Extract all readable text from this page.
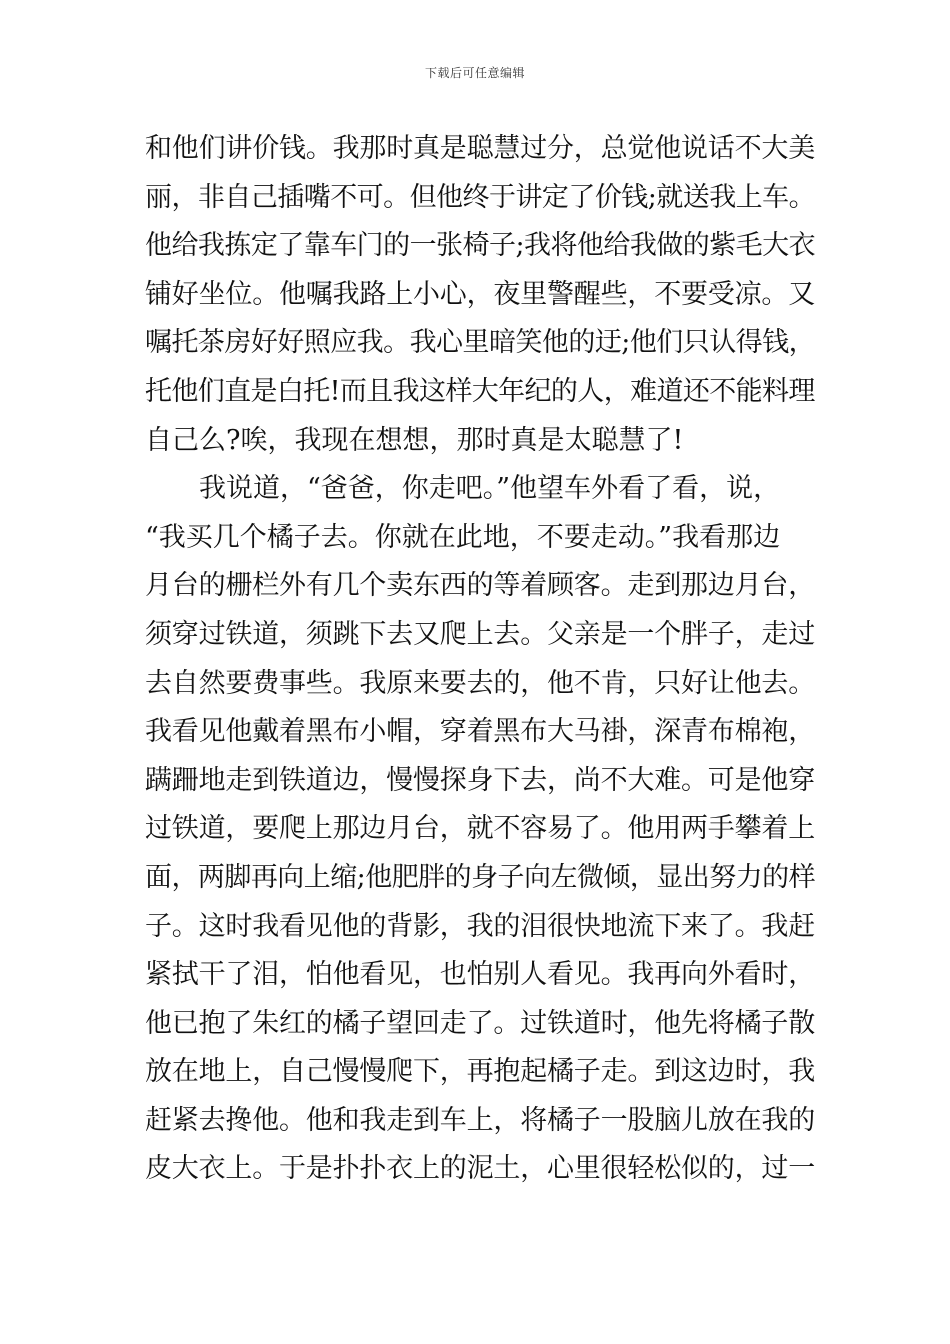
下载后可任意编辑
和他们讲价钱。我那时真是聪慧过分，总觉他说话不大美
丽，非自己插嘴不可。但他终于讲定了价钱;就送我上车。
他给我拣定了靠车门的一张椅子;我将他给我做的紫毛大衣
铺好坐位。他嘱我路上小心，夜里警醒些，不要受凉。又
嘱托茶房好好照应我。我心里暗笑他的迂;他们只认得钱，
托他们直是白托!而且我这样大年纪的人，难道还不能料理
自己么?唉，我现在想想，那时真是太聪慧了!
　　我说道，“爸爸，你走吧。”他望车外看了看，说，
“我买几个橘子去。你就在此地，不要走动。”我看那边
月台的栅栏外有几个卖东西的等着顾客。走到那边月台，
须穿过铁道，须跳下去又爬上去。父亲是一个胖子，走过
去自然要费事些。我原来要去的，他不肯，只好让他去。
我看见他戴着黑布小帽，穿着黑布大马褂，深青布棉袍，
蹒跚地走到铁道边，慢慢探身下去，尚不大难。可是他穿
过铁道，要爬上那边月台，就不容易了。他用两手攀着上
面，两脚再向上缩;他肥胖的身子向左微倾，显出努力的样
子。这时我看见他的背影，我的泪很快地流下来了。我赶
紧拭干了泪，怕他看见，也怕别人看见。我再向外看时，
他已抱了朱红的橘子望回走了。过铁道时，他先将橘子散
放在地上，自己慢慢爬下，再抱起橘子走。到这边时，我
赶紧去搀他。他和我走到车上，将橘子一股脑儿放在我的
皮大衣上。于是扑扑衣上的泥土，心里很轻松似的，过一
